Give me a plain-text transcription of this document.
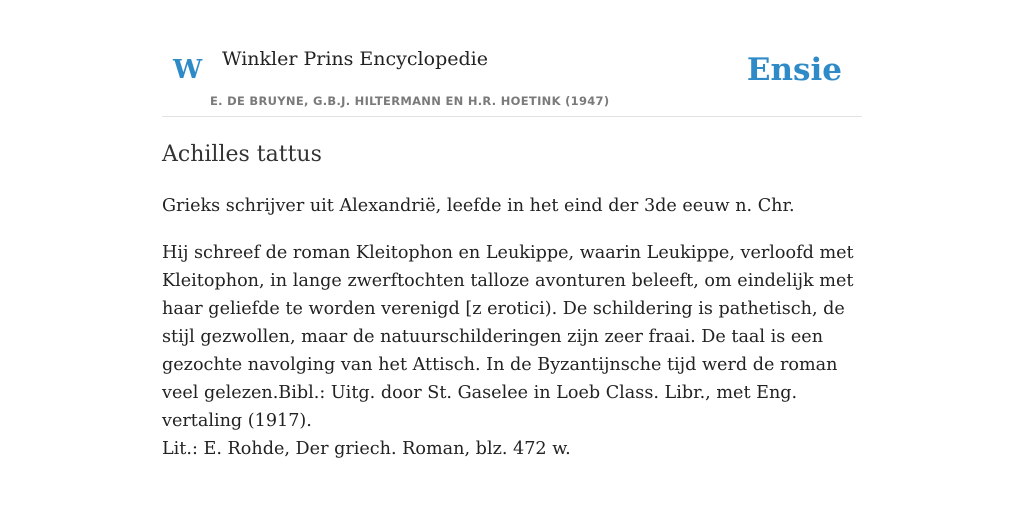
W Winkler Prins Encyclopedie
E. DE BRUYNE, G.B.J. HILTERMANN EN H.R. HOETINK (1947)
Ensie
Achilles tattus

Grieks schrijver uit Alexandrië, leefde in het eind der 3de eeuw n. Chr.

Hij schreef de roman Kleitophon en Leukippe, waarin Leukippe, verloofd met Kleitophon, in lange zwerftochten talloze avonturen beleeft, om eindelijk met haar geliefde te worden verenigd [z erotici). De schildering is pathetisch, de stijl gezwollen, maar de natuurschilderingen zijn zeer fraai. De taal is een gezochte navolging van het Attisch. In de Byzantijnsche tijd werd de roman veel gelezen.Bibl.: Uitg. door St. Gaselee in Loeb Class. Libr., met Eng. vertaling (1917).

Lit.: E. Rohde, Der griech. Roman, blz. 472 w.
